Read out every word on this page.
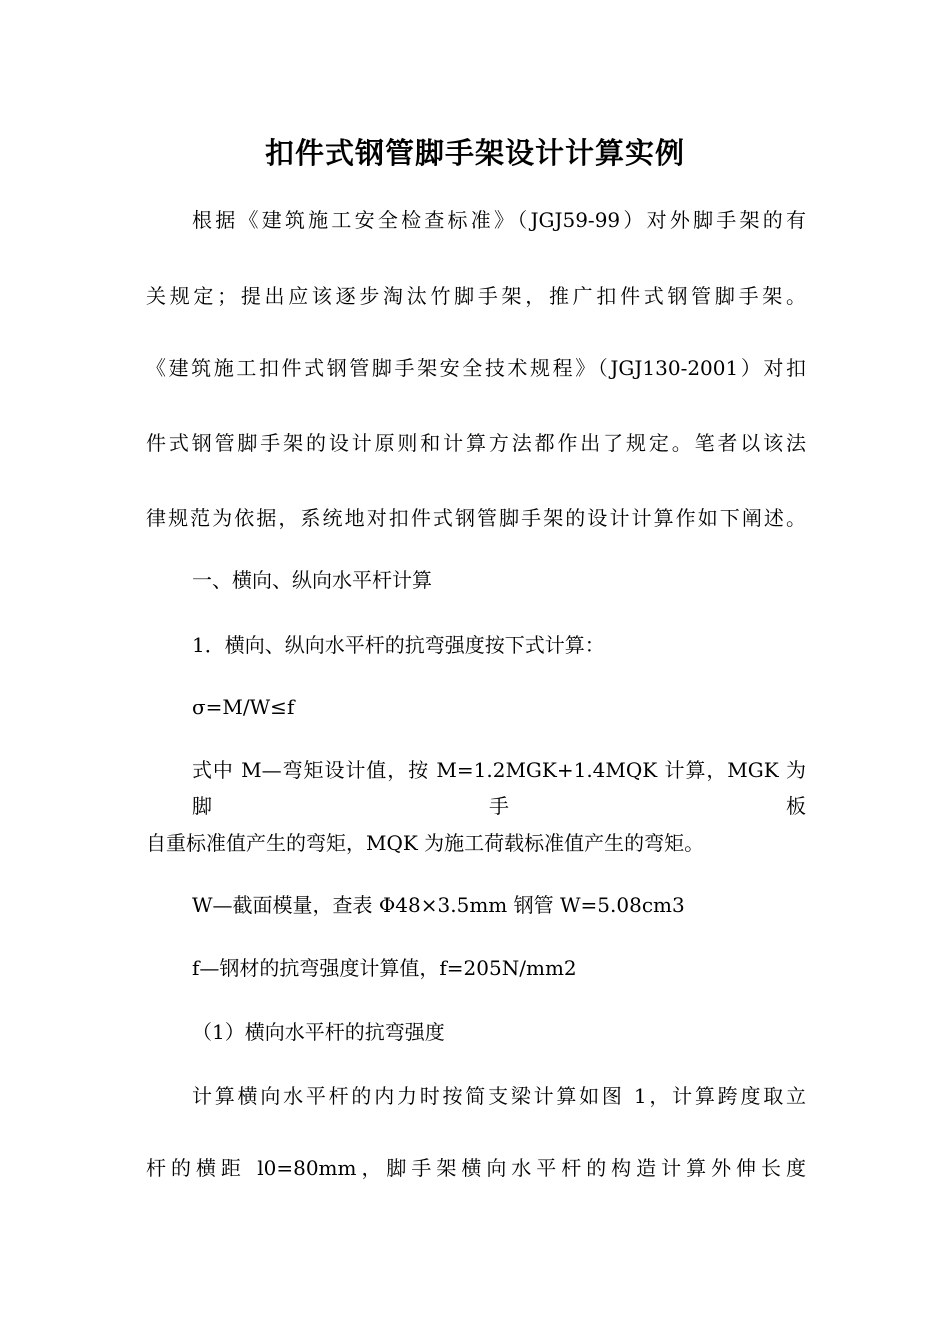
扣件式钢管脚手架设计计算实例
根据《建筑施工安全检查标准》（JGJ59-99）对外脚手架的有
关规定；提出应该逐步淘汰竹脚手架，推广扣件式钢管脚手架。
《建筑施工扣件式钢管脚手架安全技术规程》（JGJ130-2001）对扣
件式钢管脚手架的设计原则和计算方法都作出了规定。笔者以该法
律规范为依据，系统地对扣件式钢管脚手架的设计计算作如下阐述。
一、横向、纵向水平杆计算
1．横向、纵向水平杆的抗弯强度按下式计算：
σ=M/W≤f
式中 M—弯矩设计值，按 M=1.2MGK+1.4MQK 计算，MGK 为脚手板
自重标准值产生的弯矩，MQK 为施工荷载标准值产生的弯矩。
W—截面模量，查表 Φ48×3.5mm 钢管 W=5.08cm3
f—钢材的抗弯强度计算值，f=205N/mm2
（1）横向水平杆的抗弯强度
计算横向水平杆的内力时按简支梁计算如图 1，计算跨度取立
杆的横距 l0=80mm，脚手架横向水平杆的构造计算外伸长度
